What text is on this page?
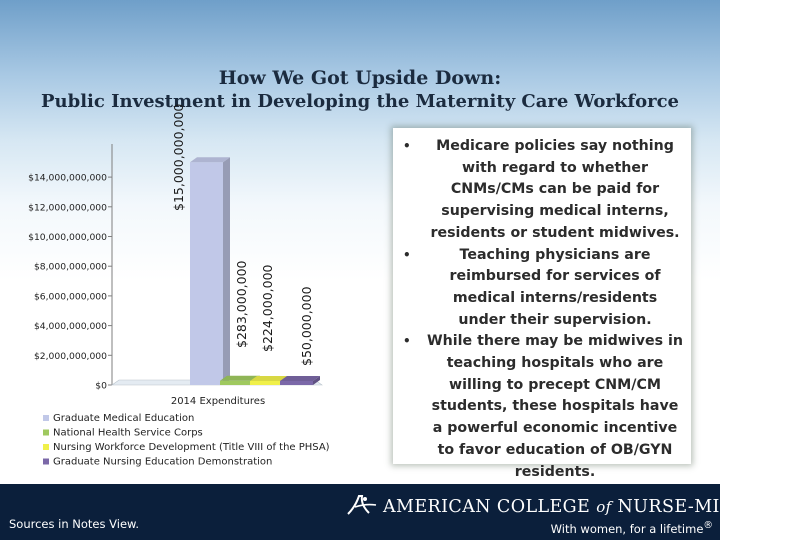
How We Got Upside Down:
Public Investment in Developing the Maternity Care Workforce
$0
$2,000,000,000
$4,000,000,000
$6,000,000,000
$8,000,000,000
$10,000,000,000
$12,000,000,000
$14,000,000,000	$15,000,000,000
$283,000,000 $224,000,000 $50,000,000
2014 Expenditures
Graduate Medical Education
National Health Service Corps
Nursing Workforce Development (Title VIII of the PHSA)
Graduate Nursing Education Demonstration
• Medicare policies say nothing with regard to whether CNMs/CMs can be paid for supervising medical interns, residents or student midwives.
•	Teaching physicians are reimbursed for services of medical interns/residents under their supervision.
• While there may be midwives in teaching hospitals who are willing to precept CNM/CM students, these hospitals have a powerful economic incentive to favor education of OB/GYN residents.
Sources in Notes View.
AMERICAN COLLEGE of NURSE-MIDWIVES
With women, for a lifetime®
